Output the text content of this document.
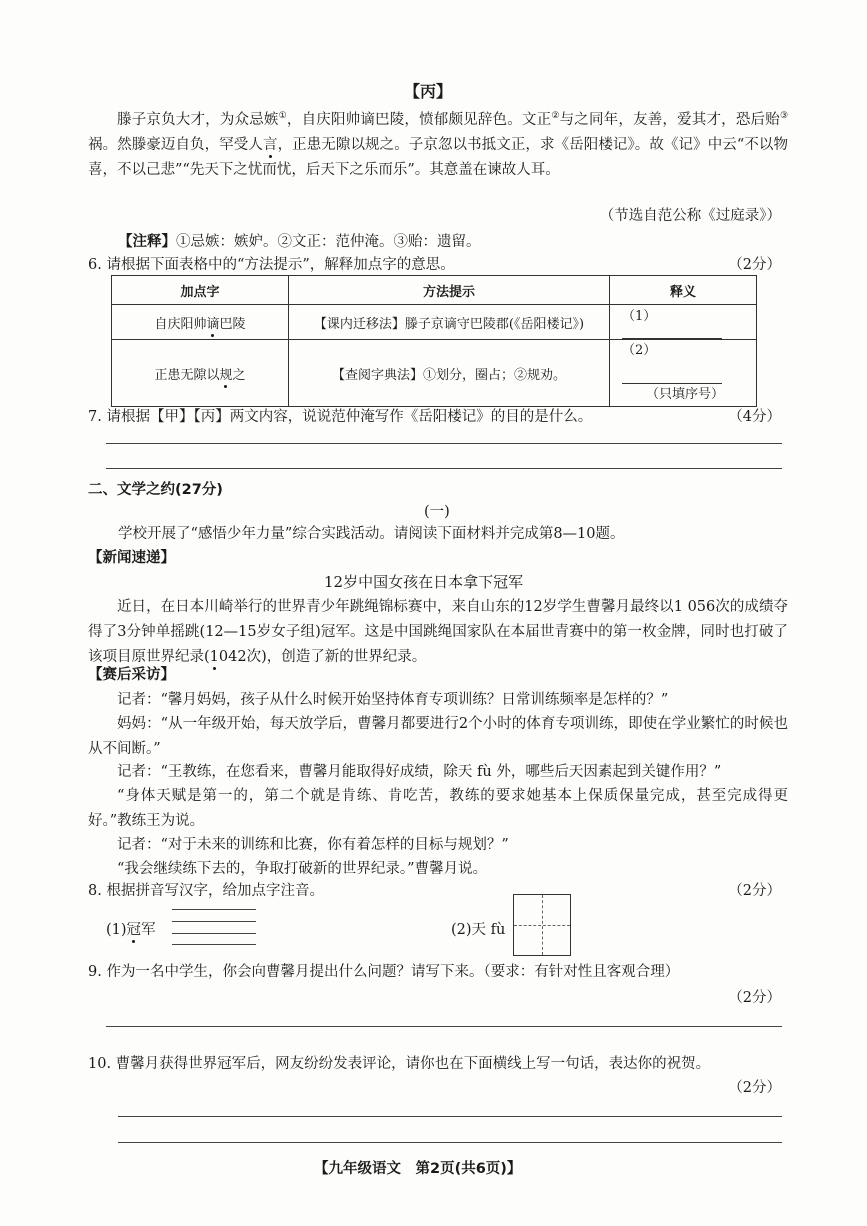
【丙】
滕子京负大才，为众忌嫉①，自庆阳帅谪巴陵，愤郁颇见辞色。文正②与之同年，友善，爱其才，恐后贻③祸。然滕豪迈自负，罕受人言，正患无隙以规之。子京忽以书抵文正，求《岳阳楼记》。故《记》中云“不以物喜，不以己悲”“先天下之忧而忧，后天下之乐而乐”。其意盖在谏故人耳。
（节选自范公称《过庭录》）
【注释】①忌嫉：嫉妒。②文正：范仲淹。③贻：遗留。
6. 请根据下面表格中的“方法提示”，解释加点字的意思。	（2分）
加点字	方法提示	释义
自庆阳帅谪巴陵	【课内迁移法】滕子京谪守巴陵郡(《岳阳楼记》)	（1）
正患无隙以规之	【查阅字典法】①划分，圈占；②规劝。	（2）
（只填序号）
7. 请根据【甲】【丙】两文内容，说说范仲淹写作《岳阳楼记》的目的是什么。	（4分）
二、文学之约(27分)
(一)
学校开展了“感悟少年力量”综合实践活动。请阅读下面材料并完成第8—10题。
【新闻速递】
12岁中国女孩在日本拿下冠军
近日，在日本川崎举行的世界青少年跳绳锦标赛中，来自山东的12岁学生曹馨月最终以1 056次的成绩夺得了3分钟单摇跳(12—15岁女子组)冠军。这是中国跳绳国家队在本届世青赛中的第一枚金牌，同时也打破了该项目原世界纪录(1042次)，创造了新的世界纪录。
【赛后采访】
记者：“馨月妈妈，孩子从什么时候开始坚持体育专项训练？日常训练频率是怎样的？”
妈妈：“从一年级开始，每天放学后，曹馨月都要进行2个小时的体育专项训练，即使在学业繁忙的时候也从不间断。”
记者：“王教练，在您看来，曹馨月能取得好成绩，除天 fù 外，哪些后天因素起到关键作用？”
“身体天赋是第一的，第二个就是肯练、肯吃苦，教练的要求她基本上保质保量完成，甚至完成得更好。”教练王为说。
记者：“对于未来的训练和比赛，你有着怎样的目标与规划？”
“我会继续练下去的，争取打破新的世界纪录。”曹馨月说。
8. 根据拼音写汉字，给加点字注音。	（2分）
(1)冠军	(2)天 fù
9. 作为一名中学生，你会向曹馨月提出什么问题？请写下来。（要求：有针对性且客观合理）
（2分）
10. 曹馨月获得世界冠军后，网友纷纷发表评论，请你也在下面横线上写一句话，表达你的祝贺。
（2分）
【九年级语文　第2页(共6页)】
